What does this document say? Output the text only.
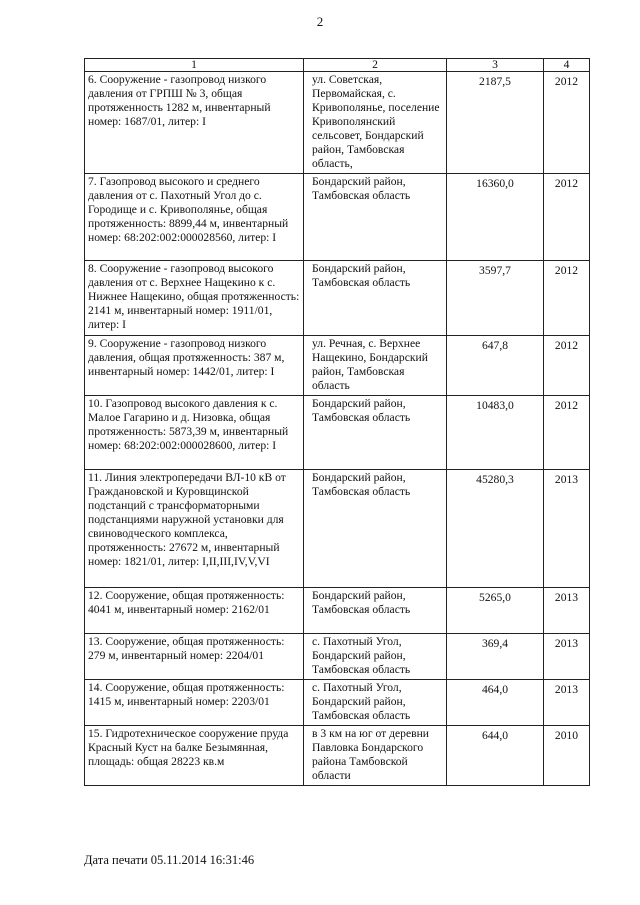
2
1	2	3	4
6. Сооружение - газопровод низкого давления от ГРПШ № 3, общая протяженность 1282 м, инвентарный номер: 1687/01, литер: I	ул. Советская, Первомайская, с. Кривополянье, поселение Кривополянский сельсовет, Бондарский район, Тамбовская область,	2187,5	2012
7. Газопровод высокого и среднего давления от с. Пахотный Угол до с. Городище и с. Кривополянье, общая протяженность: 8899,44 м, инвентарный номер: 68:202:002:000028560, литер: I	Бондарский район, Тамбовская область	16360,0	2012
8. Сооружение - газопровод высокого давления от с. Верхнее Нащекино к с. Нижнее Нащекино, общая протяженность: 2141 м, инвентарный номер: 1911/01, литер: I	Бондарский район, Тамбовская область	3597,7	2012
9. Сооружение - газопровод низкого давления, общая протяженность: 387 м, инвентарный номер: 1442/01, литер: I	ул. Речная, с. Верхнее Нащекино, Бондарский район, Тамбовская область	647,8	2012
10. Газопровод высокого давления к с. Малое Гагарино и д. Низовка, общая протяженность: 5873,39 м, инвентарный номер: 68:202:002:000028600, литер: I	Бондарский район, Тамбовская область	10483,0	2012
11. Линия электропередачи ВЛ-10 кВ от Граждановской и Куровщинской подстанций с трансформаторными подстанциями наружной установки для свиноводческого комплекса, протяженность: 27672 м, инвентарный номер: 1821/01, литер: I,II,III,IV,V,VI	Бондарский район, Тамбовская область	45280,3	2013
12. Сооружение, общая протяженность: 4041 м, инвентарный номер: 2162/01	Бондарский район, Тамбовская область	5265,0	2013
13. Сооружение, общая протяженность: 279 м, инвентарный номер: 2204/01	с. Пахотный Угол, Бондарский район, Тамбовская область	369,4	2013
14. Сооружение, общая протяженность: 1415 м, инвентарный номер: 2203/01	с. Пахотный Угол, Бондарский район, Тамбовская область	464,0	2013
15. Гидротехническое сооружение пруда Красный Куст на балке Безымянная, площадь: общая 28223 кв.м	в 3 км на юг от деревни Павловка Бондарского района Тамбовской области	644,0	2010
Дата печати 05.11.2014 16:31:46
